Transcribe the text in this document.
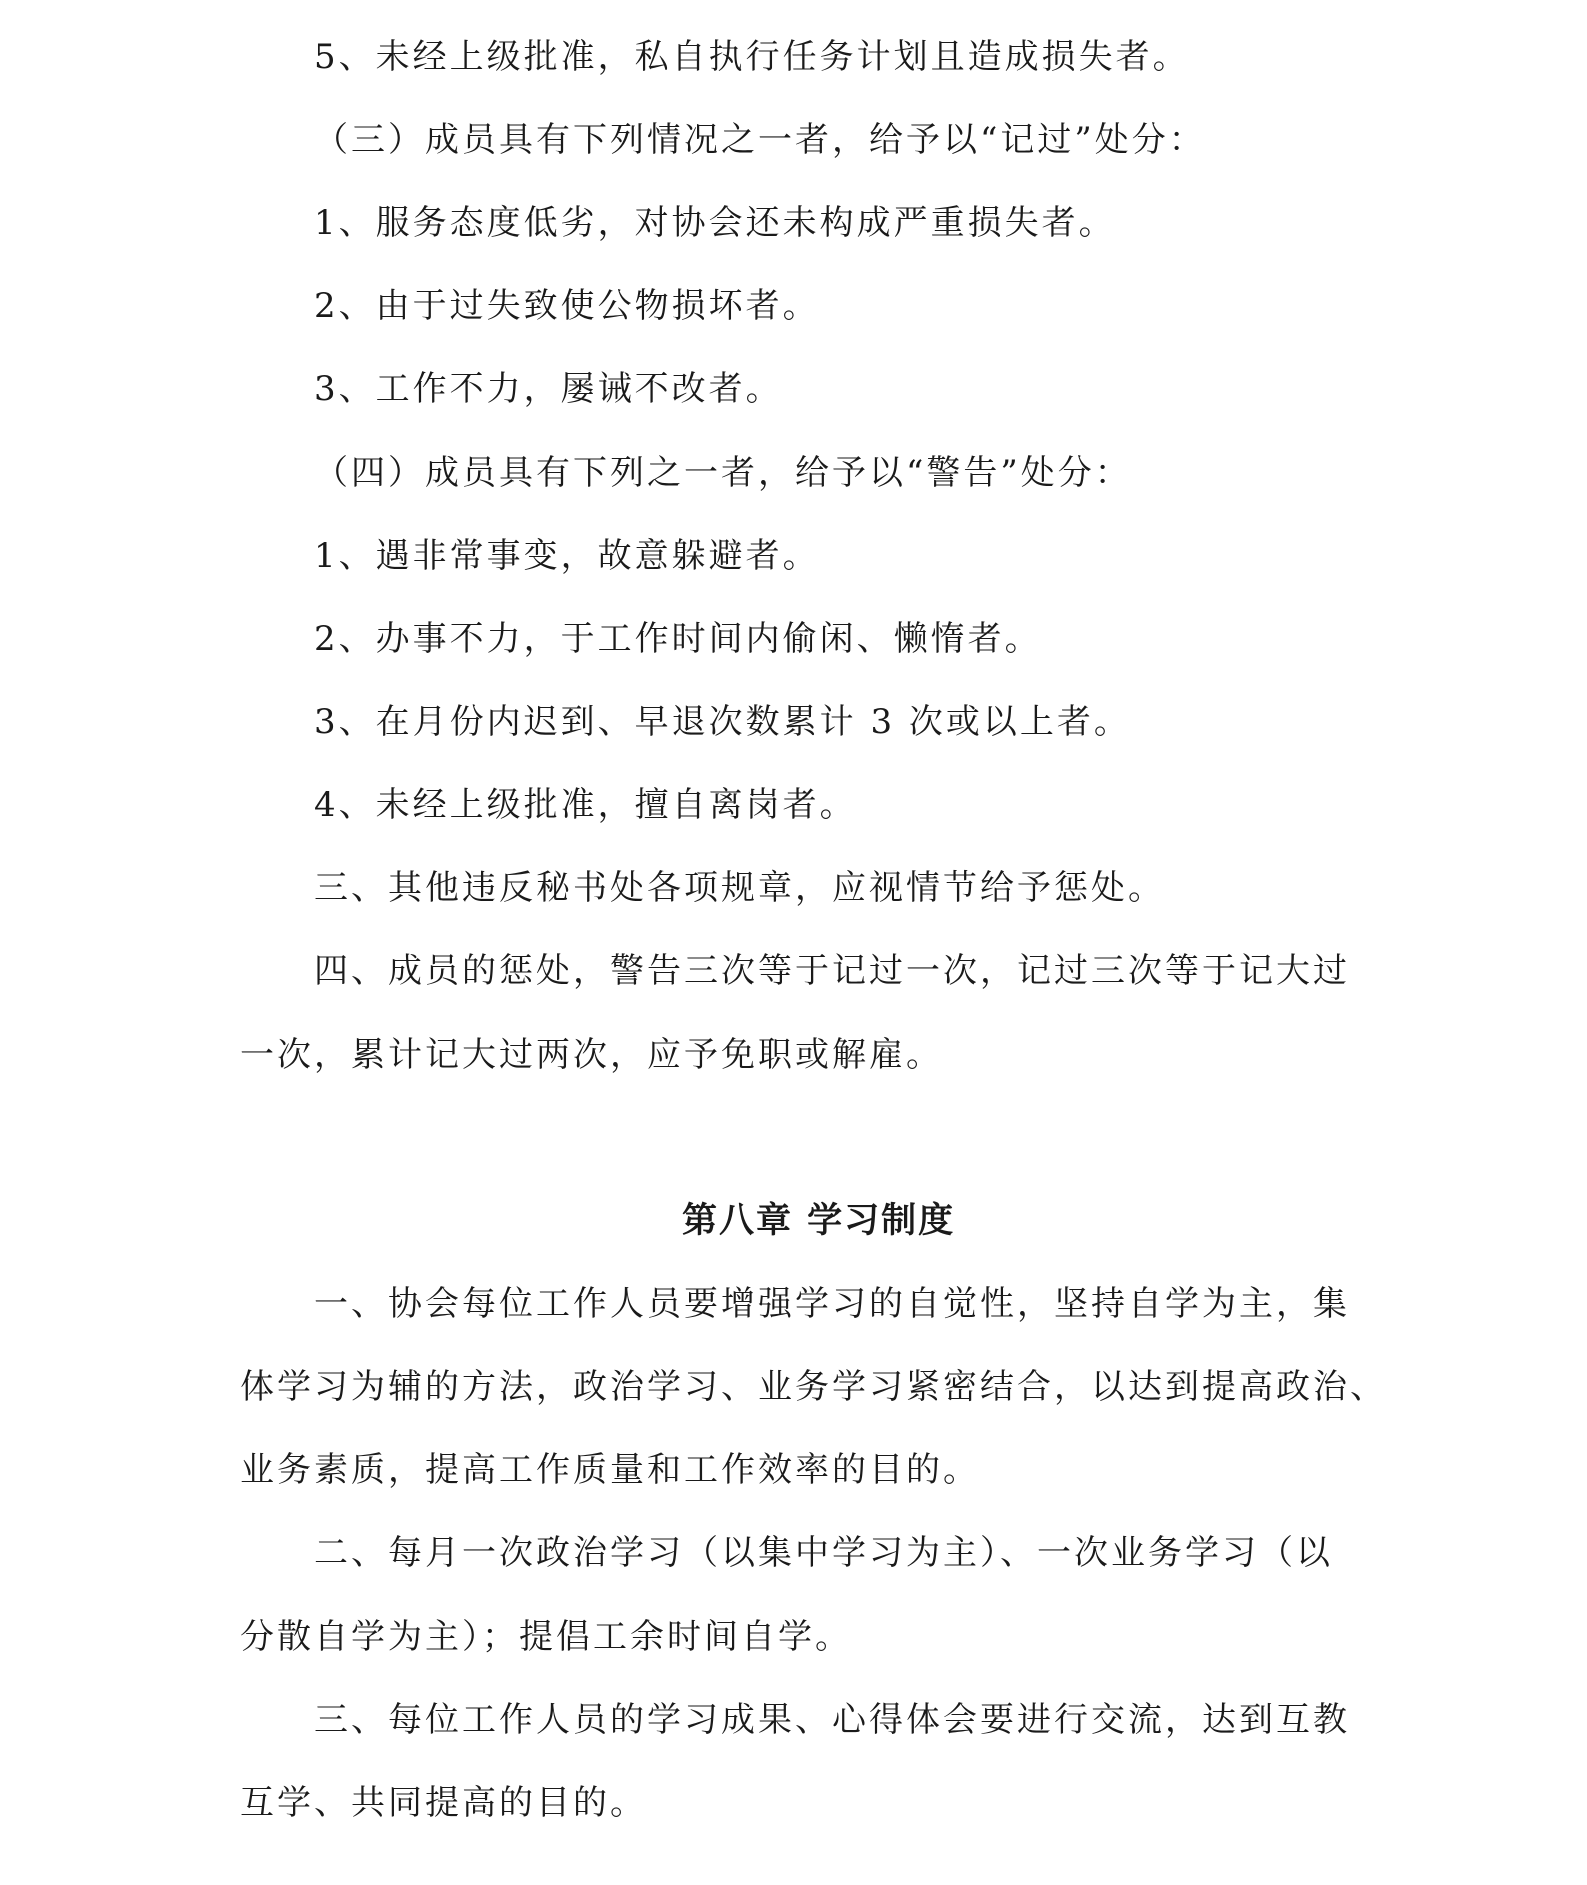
5、未经上级批准，私自执行任务计划且造成损失者。
（三）成员具有下列情况之一者，给予以“记过”处分：
1、服务态度低劣，对协会还未构成严重损失者。
2、由于过失致使公物损坏者。
3、工作不力，屡诫不改者。
（四）成员具有下列之一者，给予以“警告”处分：
1、遇非常事变，故意躲避者。
2、办事不力，于工作时间内偷闲、懒惰者。
3、在月份内迟到、早退次数累计 3 次或以上者。
4、未经上级批准，擅自离岗者。
三、其他违反秘书处各项规章，应视情节给予惩处。
四、成员的惩处，警告三次等于记过一次，记过三次等于记大过
一次，累计记大过两次，应予免职或解雇。
第八章 学习制度
一、协会每位工作人员要增强学习的自觉性，坚持自学为主，集
体学习为辅的方法，政治学习、业务学习紧密结合，以达到提高政治、
业务素质，提高工作质量和工作效率的目的。
二、每月一次政治学习（以集中学习为主）、一次业务学习（以
分散自学为主）；提倡工余时间自学。
三、每位工作人员的学习成果、心得体会要进行交流，达到互教
互学、共同提高的目的。
